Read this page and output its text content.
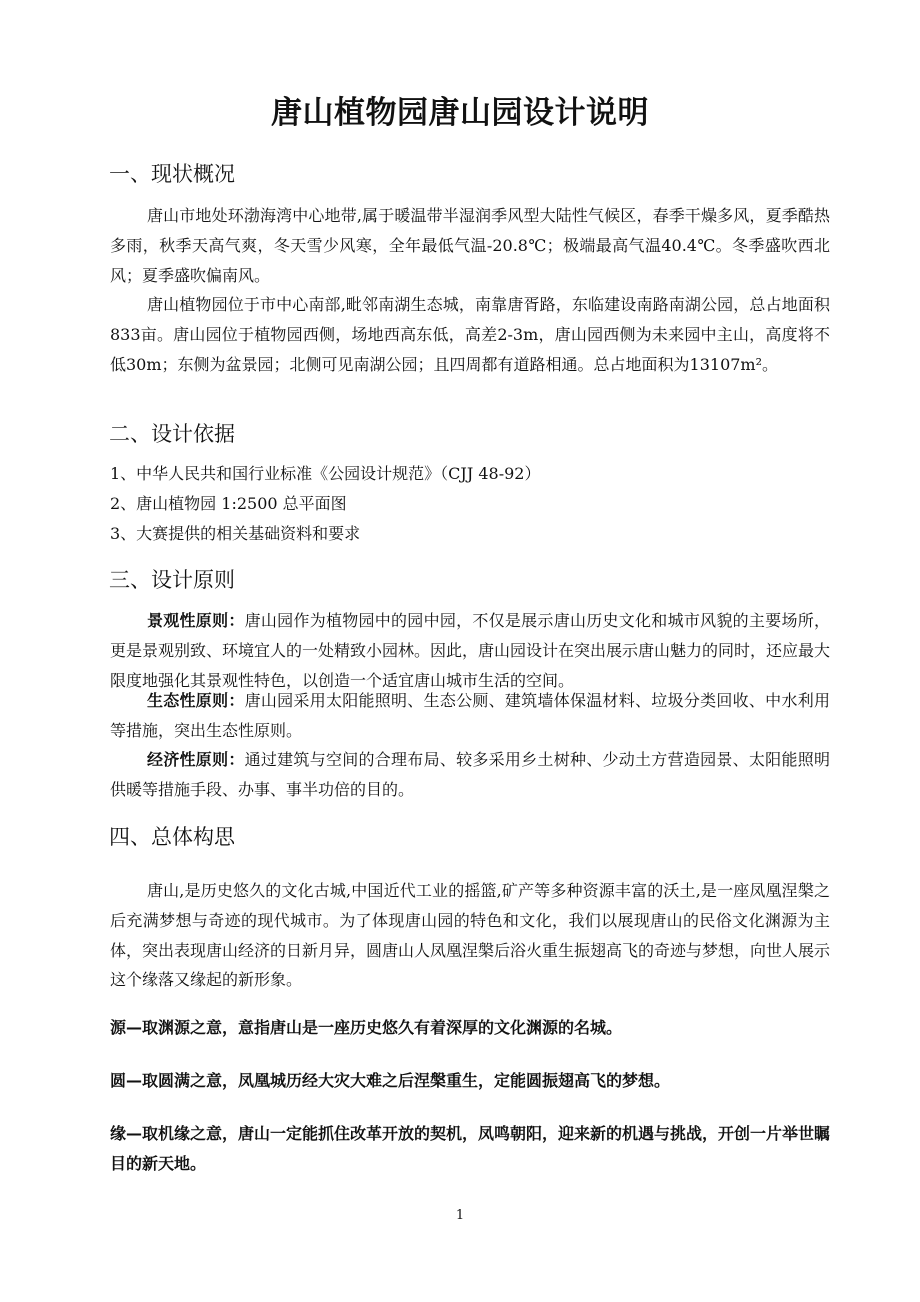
唐山植物园唐山园设计说明
一、现状概况

唐山市地处环渤海湾中心地带,属于暖温带半湿润季风型大陆性气候区，春季干燥多风，夏季酷热多雨，秋季天高气爽，冬天雪少风寒，全年最低气温-20.8℃；极端最高气温40.4℃。冬季盛吹西北风；夏季盛吹偏南风。

唐山植物园位于市中心南部,毗邻南湖生态城，南靠唐胥路，东临建设南路南湖公园，总占地面积833亩。唐山园位于植物园西侧，场地西高东低，高差2-3m，唐山园西侧为未来园中主山，高度将不低30m；东侧为盆景园；北侧可见南湖公园；且四周都有道路相通。总占地面积为13107m²。

二、设计依据
1、中华人民共和国行业标准《公园设计规范》（CJJ 48-92）
2、唐山植物园 1:2500 总平面图
3、大赛提供的相关基础资料和要求
三、设计原则

景观性原则：唐山园作为植物园中的园中园，不仅是展示唐山历史文化和城市风貌的主要场所，更是景观别致、环境宜人的一处精致小园林。因此，唐山园设计在突出展示唐山魅力的同时，还应最大限度地强化其景观性特色，以创造一个适宜唐山城市生活的空间。

生态性原则：唐山园采用太阳能照明、生态公厕、建筑墙体保温材料、垃圾分类回收、中水利用等措施，突出生态性原则。

经济性原则：通过建筑与空间的合理布局、较多采用乡土树种、少动土方营造园景、太阳能照明供暖等措施手段、办事、事半功倍的目的。

四、总体构思

唐山,是历史悠久的文化古城,中国近代工业的摇篮,矿产等多种资源丰富的沃土,是一座凤凰涅槃之后充满梦想与奇迹的现代城市。为了体现唐山园的特色和文化，我们以展现唐山的民俗文化渊源为主体，突出表现唐山经济的日新月异，圆唐山人凤凰涅槃后浴火重生振翅高飞的奇迹与梦想，向世人展示这个缘落又缘起的新形象。

源—取渊源之意，意指唐山是一座历史悠久有着深厚的文化渊源的名城。

圆—取圆满之意，凤凰城历经大灾大难之后涅槃重生，定能圆振翅高飞的梦想。

缘—取机缘之意，唐山一定能抓住改革开放的契机，凤鸣朝阳，迎来新的机遇与挑战，开创一片举世瞩目的新天地。

1
